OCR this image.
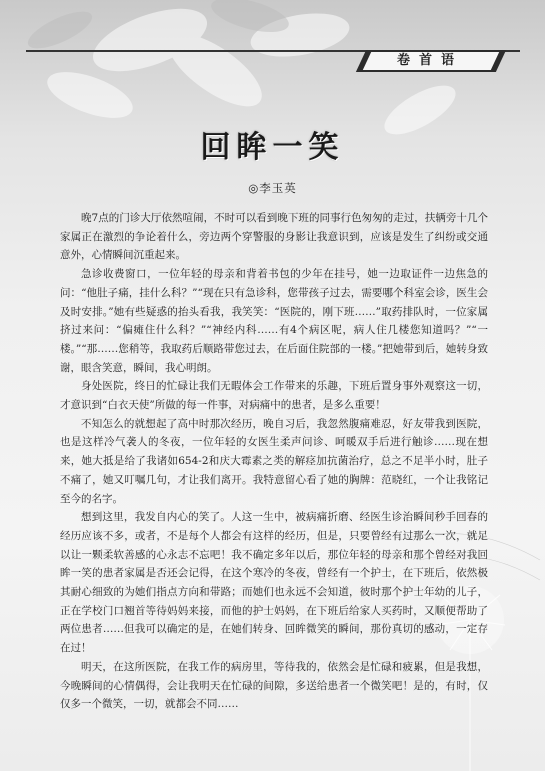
卷首语
回眸一笑
◎李玉英

晚7点的门诊大厅依然喧闹，不时可以看到晚下班的同事行色匆匆的走过，扶辆旁十几个家属正在激烈的争论着什么，旁边两个穿警服的身影让我意识到，应该是发生了纠纷或交通意外，心情瞬间沉重起来。

急诊收费窗口，一位年轻的母亲和背着书包的少年在挂号，她一边取证件一边焦急的问：“他肚子痛，挂什么科？”“现在只有急诊科，您带孩子过去，需要哪个科室会诊，医生会及时安排。”她有些疑惑的抬头看我，我笑笑：“医院的，刚下班……”取药排队时，一位家属挤过来问：“偏瘫住什么科？”“神经内科……有4个病区呢，病人住几楼您知道吗？”“一楼。”“那……您稍等，我取药后顺路带您过去，在后面住院部的一楼。”把她带到后，她转身致谢，眼含笑意，瞬间，我心明朗。

身处医院，终日的忙碌让我们无暇体会工作带来的乐趣，下班后置身事外观察这一切，才意识到“白衣天使”所做的每一件事，对病痛中的患者，是多么重要！

不知怎么的就想起了高中时那次经历，晚自习后，我忽然腹痛难忍，好友带我到医院，也是这样冷气袭人的冬夜，一位年轻的女医生柔声问诊、呵暖双手后进行触诊……现在想来，她大抵是给了我诸如654-2和庆大霉素之类的解痉加抗菌治疗，总之不足半小时，肚子不痛了，她又叮嘱几句，才让我们离开。我特意留心看了她的胸牌：范晓红，一个让我铭记至今的名字。

想到这里，我发自内心的笑了。人这一生中，被病痛折磨、经医生诊治瞬间秒手回春的经历应该不多，或者，不是每个人都会有这样的经历，但是，只要曾经有过那么一次，就足以让一颗柔软善感的心永志不忘吧！我不确定多年以后，那位年轻的母亲和那个曾经对我回眸一笑的患者家属是否还会记得，在这个寒冷的冬夜，曾经有一个护士，在下班后，依然极其耐心细致的为她们指点方向和带路；而她们也永远不会知道，彼时那个护士年幼的儿子，正在学校门口翘首等待妈妈来接，而他的护士妈妈，在下班后给家人买药时，又顺便帮助了两位患者……但我可以确定的是，在她们转身、回眸微笑的瞬间，那份真切的感动，一定存在过！

明天，在这所医院，在我工作的病房里，等待我的，依然会是忙碌和疲累，但是我想，今晚瞬间的心情偶得，会让我明天在忙碌的间隙，多送给患者一个微笑吧！是的，有时，仅仅多一个微笑，一切，就都会不同……
